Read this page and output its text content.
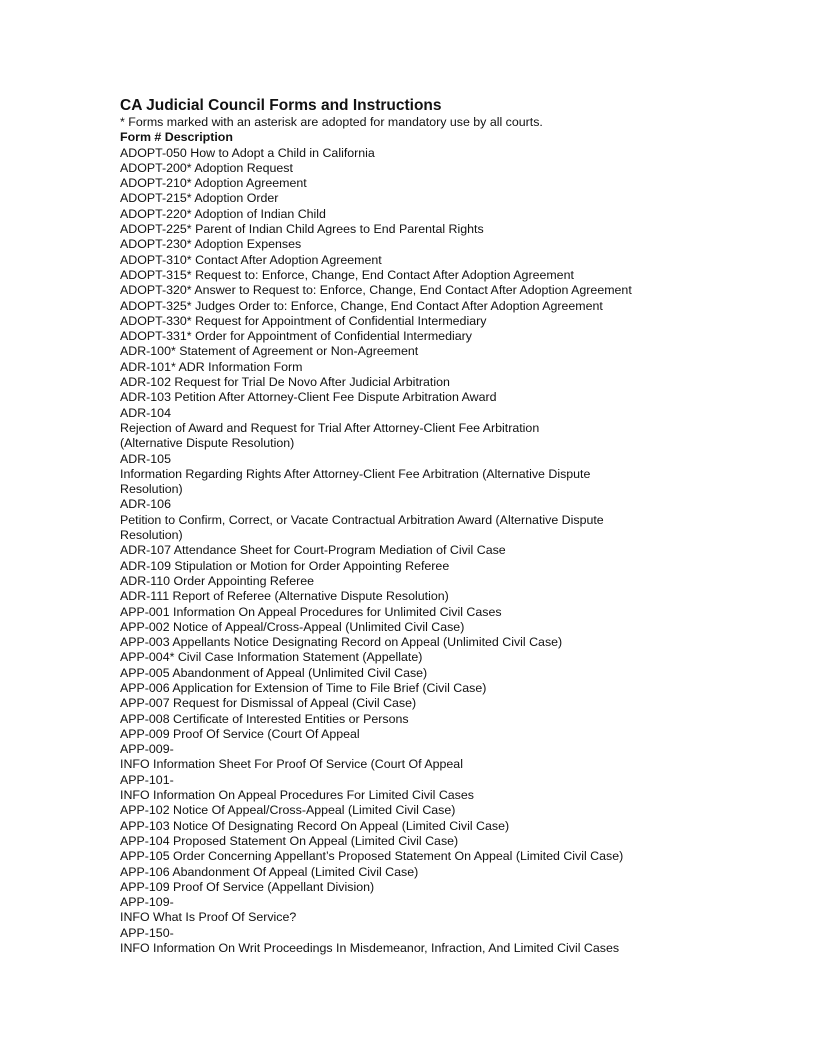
CA Judicial Council Forms and Instructions
* Forms marked with an asterisk are adopted for mandatory use by all courts.
Form # Description
ADOPT-050 How to Adopt a Child in California
ADOPT-200* Adoption Request
ADOPT-210* Adoption Agreement
ADOPT-215* Adoption Order
ADOPT-220* Adoption of Indian Child
ADOPT-225* Parent of Indian Child Agrees to End Parental Rights
ADOPT-230* Adoption Expenses
ADOPT-310* Contact After Adoption Agreement
ADOPT-315* Request to: Enforce, Change, End Contact After Adoption Agreement
ADOPT-320* Answer to Request to: Enforce, Change, End Contact After Adoption Agreement
ADOPT-325* Judges Order to: Enforce, Change, End Contact After Adoption Agreement
ADOPT-330* Request for Appointment of Confidential Intermediary
ADOPT-331* Order for Appointment of Confidential Intermediary
ADR-100* Statement of Agreement or Non-Agreement
ADR-101* ADR Information Form
ADR-102 Request for Trial De Novo After Judicial Arbitration
ADR-103 Petition After Attorney-Client Fee Dispute Arbitration Award
ADR-104
Rejection of Award and Request for Trial After Attorney-Client Fee Arbitration
(Alternative Dispute Resolution)
ADR-105
Information Regarding Rights After Attorney-Client Fee Arbitration (Alternative Dispute
Resolution)
ADR-106
Petition to Confirm, Correct, or Vacate Contractual Arbitration Award (Alternative Dispute
Resolution)
ADR-107 Attendance Sheet for Court-Program Mediation of Civil Case
ADR-109 Stipulation or Motion for Order Appointing Referee
ADR-110 Order Appointing Referee
ADR-111 Report of Referee (Alternative Dispute Resolution)
APP-001 Information On Appeal Procedures for Unlimited Civil Cases
APP-002 Notice of Appeal/Cross-Appeal (Unlimited Civil Case)
APP-003 Appellants Notice Designating Record on Appeal (Unlimited Civil Case)
APP-004* Civil Case Information Statement (Appellate)
APP-005 Abandonment of Appeal (Unlimited Civil Case)
APP-006 Application for Extension of Time to File Brief (Civil Case)
APP-007 Request for Dismissal of Appeal (Civil Case)
APP-008 Certificate of Interested Entities or Persons
APP-009 Proof Of Service (Court Of Appeal
APP-009-
INFO Information Sheet For Proof Of Service (Court Of Appeal
APP-101-
INFO Information On Appeal Procedures For Limited Civil Cases
APP-102 Notice Of Appeal/Cross-Appeal (Limited Civil Case)
APP-103 Notice Of Designating Record On Appeal (Limited Civil Case)
APP-104 Proposed Statement On Appeal (Limited Civil Case)
APP-105 Order Concerning Appellant’s Proposed Statement On Appeal (Limited Civil Case)
APP-106 Abandonment Of Appeal (Limited Civil Case)
APP-109 Proof Of Service (Appellant Division)
APP-109-
INFO What Is Proof Of Service?
APP-150-
INFO Information On Writ Proceedings In Misdemeanor, Infraction, And Limited Civil Cases
